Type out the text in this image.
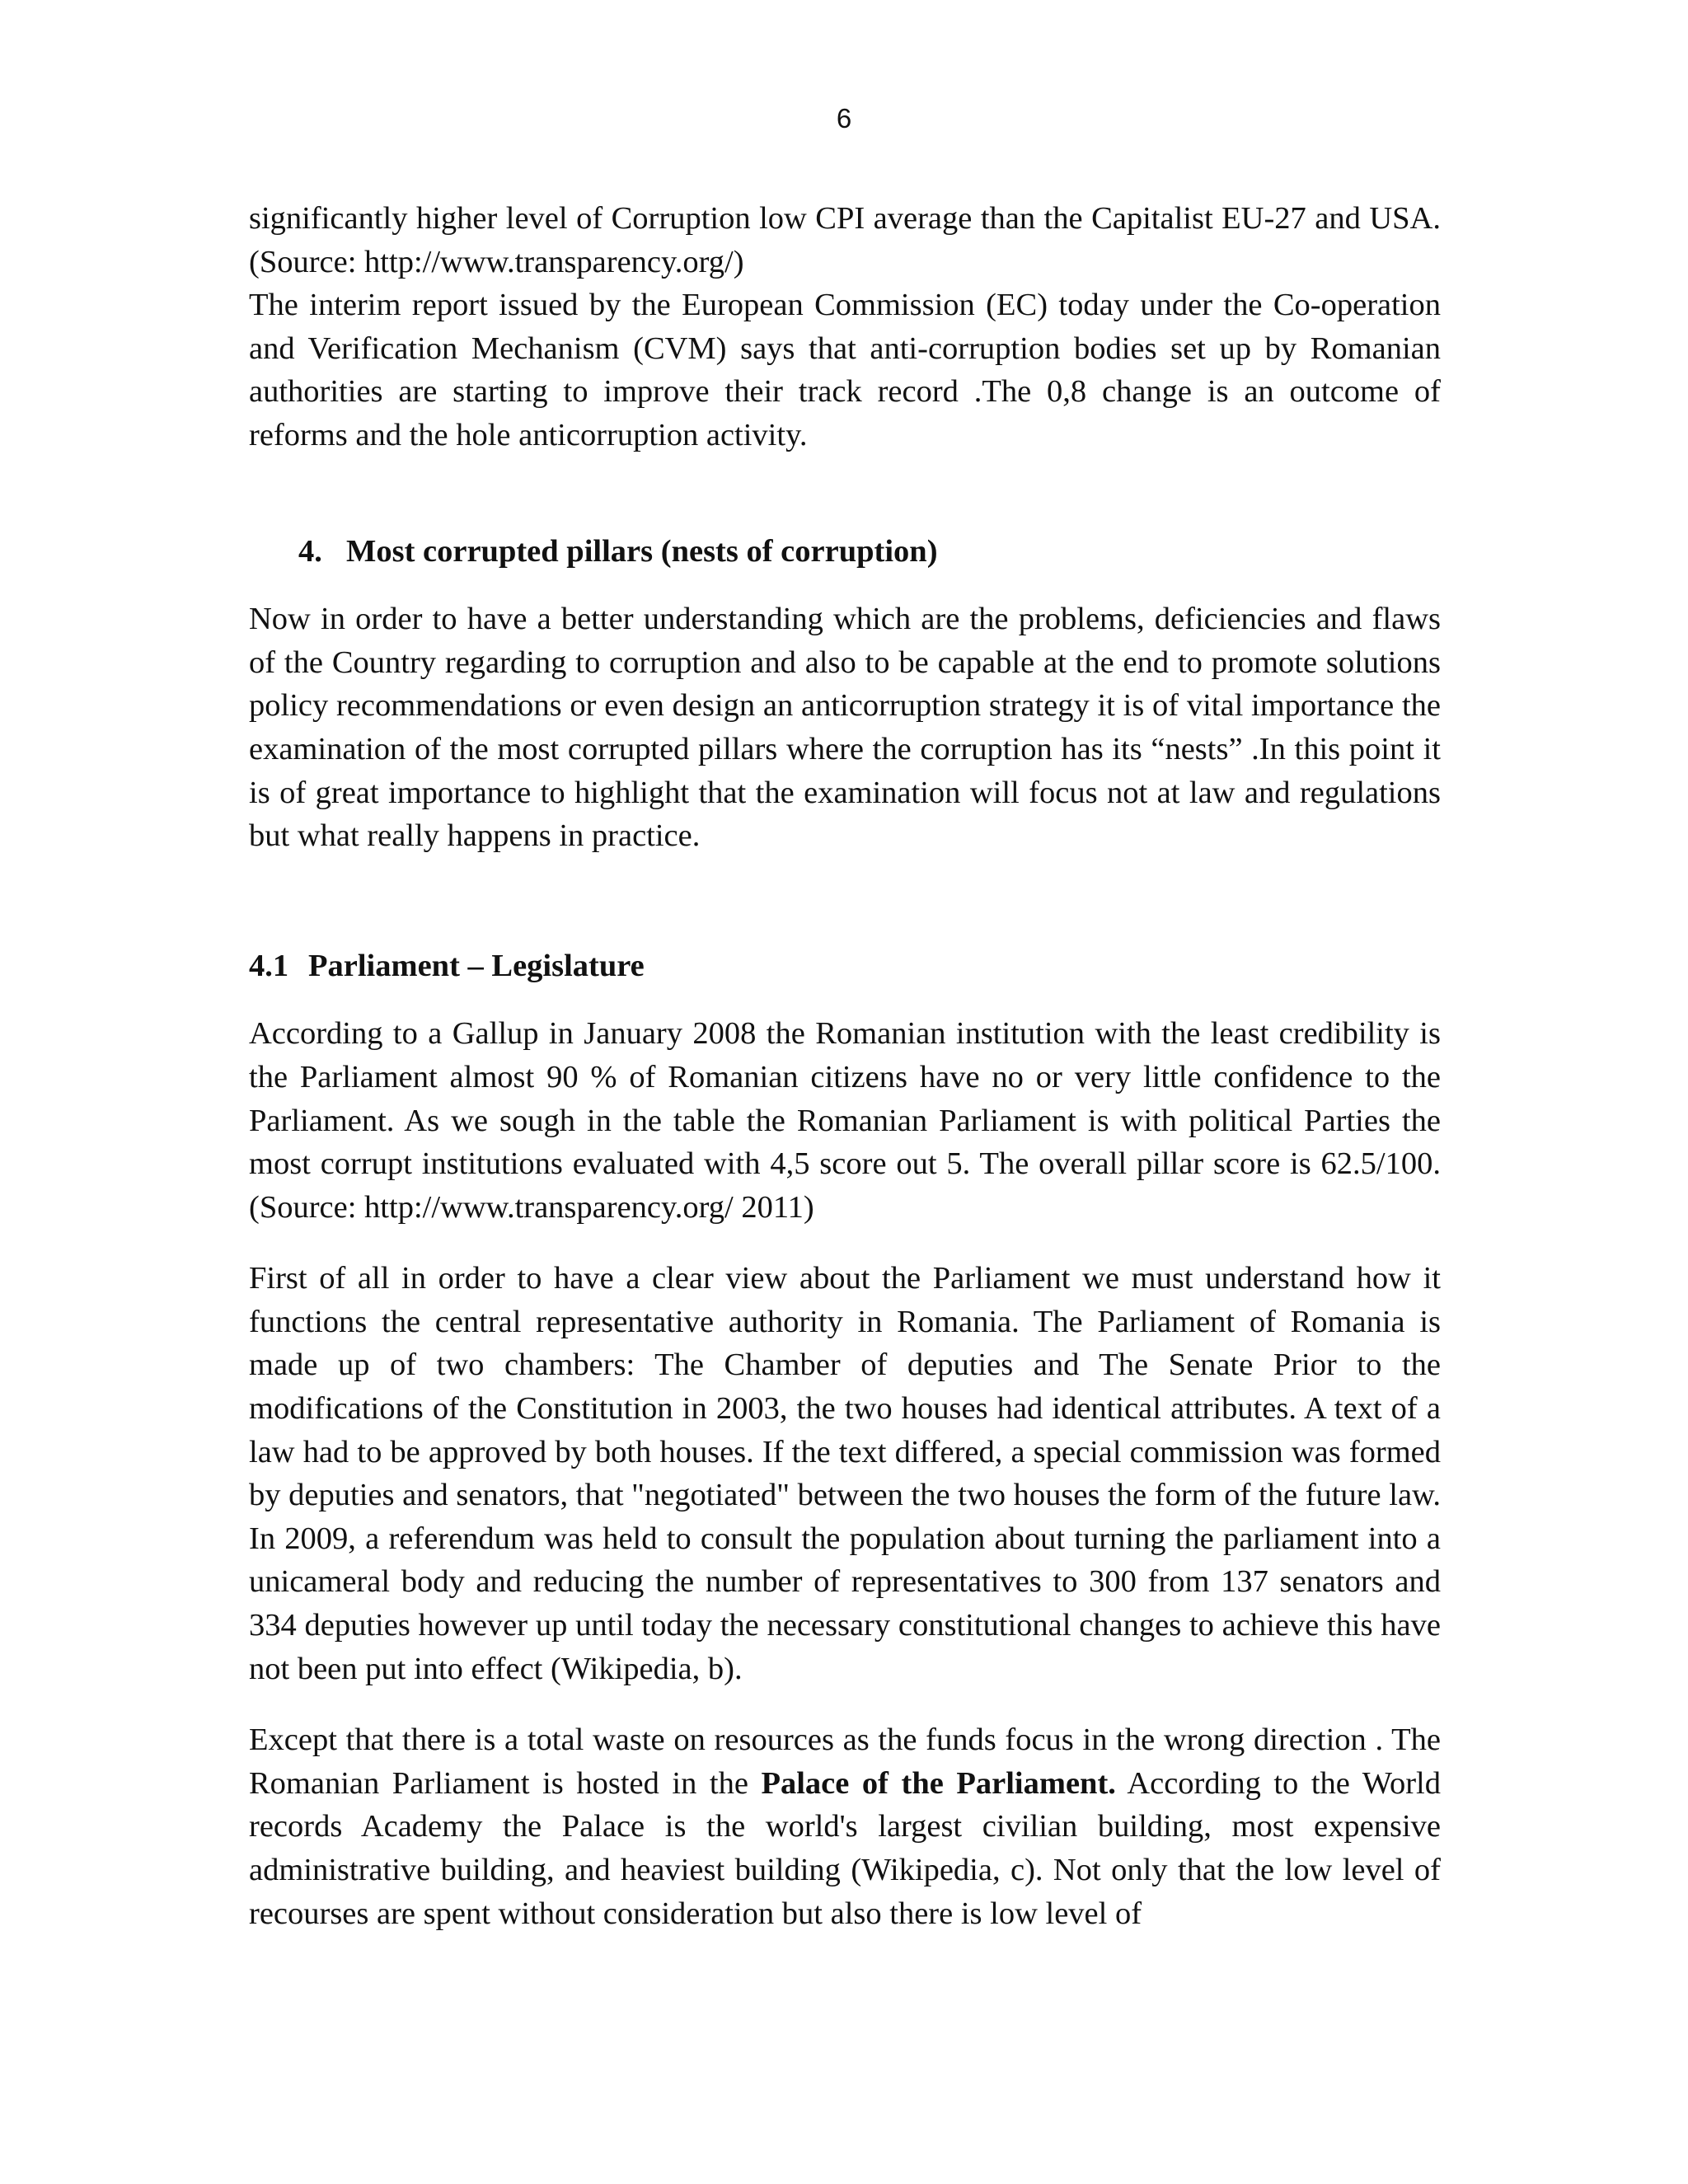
6

significantly higher level of Corruption low CPI average than the Capitalist EU-27 and USA.(Source: http://www.transparency.org/)

The interim report issued by the European Commission (EC) today under the Co-operation and Verification Mechanism (CVM) says that anti-corruption bodies set up by Romanian authorities are starting to improve their track record .The 0,8 change is an outcome of reforms and the hole anticorruption activity.

4. Most corrupted pillars (nests of corruption)

Now in order to have a better understanding which are the problems, deficiencies and flaws of the Country regarding to corruption and also to be capable at the end to promote solutions policy recommendations or even design an anticorruption strategy it is of vital importance the examination of the most corrupted pillars where the corruption has its “nests” .In this point it is of great importance to highlight that the examination will focus not at law and regulations but what really happens in practice.

4.1 Parliament – Legislature

According to a Gallup in January 2008 the Romanian institution with the least credibility is the Parliament almost 90 % of Romanian citizens have no or very little confidence to the Parliament. As we sough in the table the Romanian Parliament is with political Parties the most corrupt institutions evaluated with 4,5 score out 5. The overall pillar score is 62.5/100. (Source: http://www.transparency.org/ 2011)

First of all in order to have a clear view about the Parliament we must understand how it functions the central representative authority in Romania. The Parliament of Romania is made up of two chambers: The Chamber of deputies and The Senate Prior to the modifications of the Constitution in 2003, the two houses had identical attributes. A text of a law had to be approved by both houses. If the text differed, a special commission was formed by deputies and senators, that "negotiated" between the two houses the form of the future law. In 2009, a referendum was held to consult the population about turning the parliament into a unicameral body and reducing the number of representatives to 300 from 137 senators and 334 deputies however up until today the necessary constitutional changes to achieve this have not been put into effect (Wikipedia, b).

Except that there is a total waste on resources as the funds focus in the wrong direction . The Romanian Parliament is hosted in the Palace of the Parliament. According to the World records Academy the Palace is the world's largest civilian building, most expensive administrative building, and heaviest building (Wikipedia, c). Not only that the low level of recourses are spent without consideration but also there is low level of
